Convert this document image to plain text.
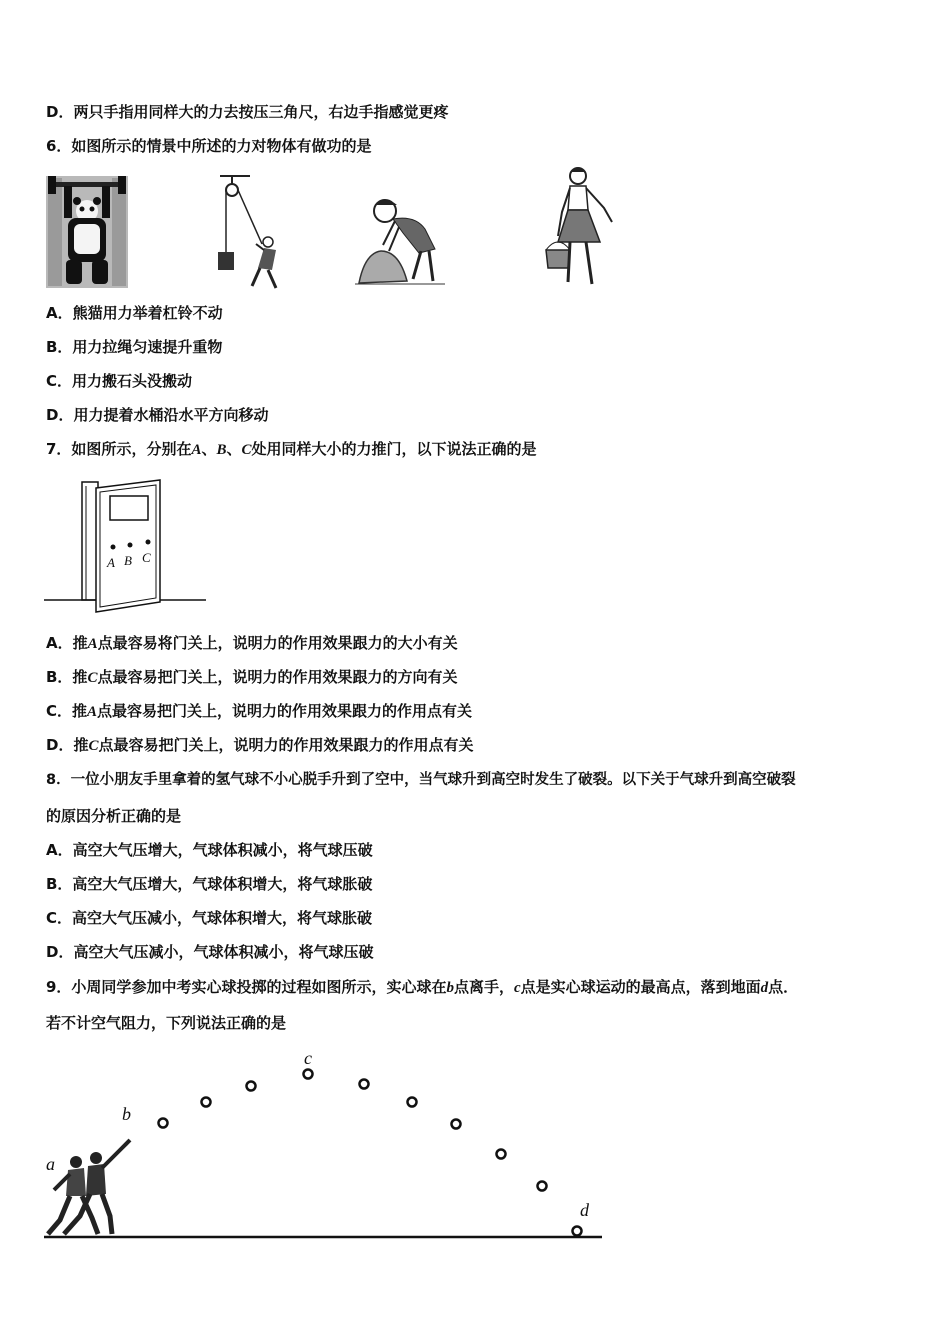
D．两只手指用同样大的力去按压三角尺，右边手指感觉更疼
6．如图所示的情景中所述的力对物体有做功的是
A．熊猫用力举着杠铃不动
B．用力拉绳匀速提升重物
C．用力搬石头没搬动
D．用力提着水桶沿水平方向移动
7．如图所示，分别在A、B、C处用同样大小的力推门，以下说法正确的是
A B C
A．推A点最容易将门关上，说明力的作用效果跟力的大小有关
B．推C点最容易把门关上，说明力的作用效果跟力的方向有关
C．推A点最容易把门关上，说明力的作用效果跟力的作用点有关
D．推C点最容易把门关上，说明力的作用效果跟力的作用点有关
8．一位小朋友手里拿着的氢气球不小心脱手升到了空中，当气球升到高空时发生了破裂。以下关于气球升到高空破裂
的原因分析正确的是
A．高空大气压增大，气球体积减小，将气球压破
B．高空大气压增大，气球体积增大，将气球胀破
C．高空大气压减小，气球体积增大，将气球胀破
D．高空大气压减小，气球体积减小，将气球压破
9．小周同学参加中考实心球投掷的过程如图所示，实心球在b点离手，c点是实心球运动的最高点，落到地面d点．
若不计空气阻力，下列说法正确的是
a
b
c
d
